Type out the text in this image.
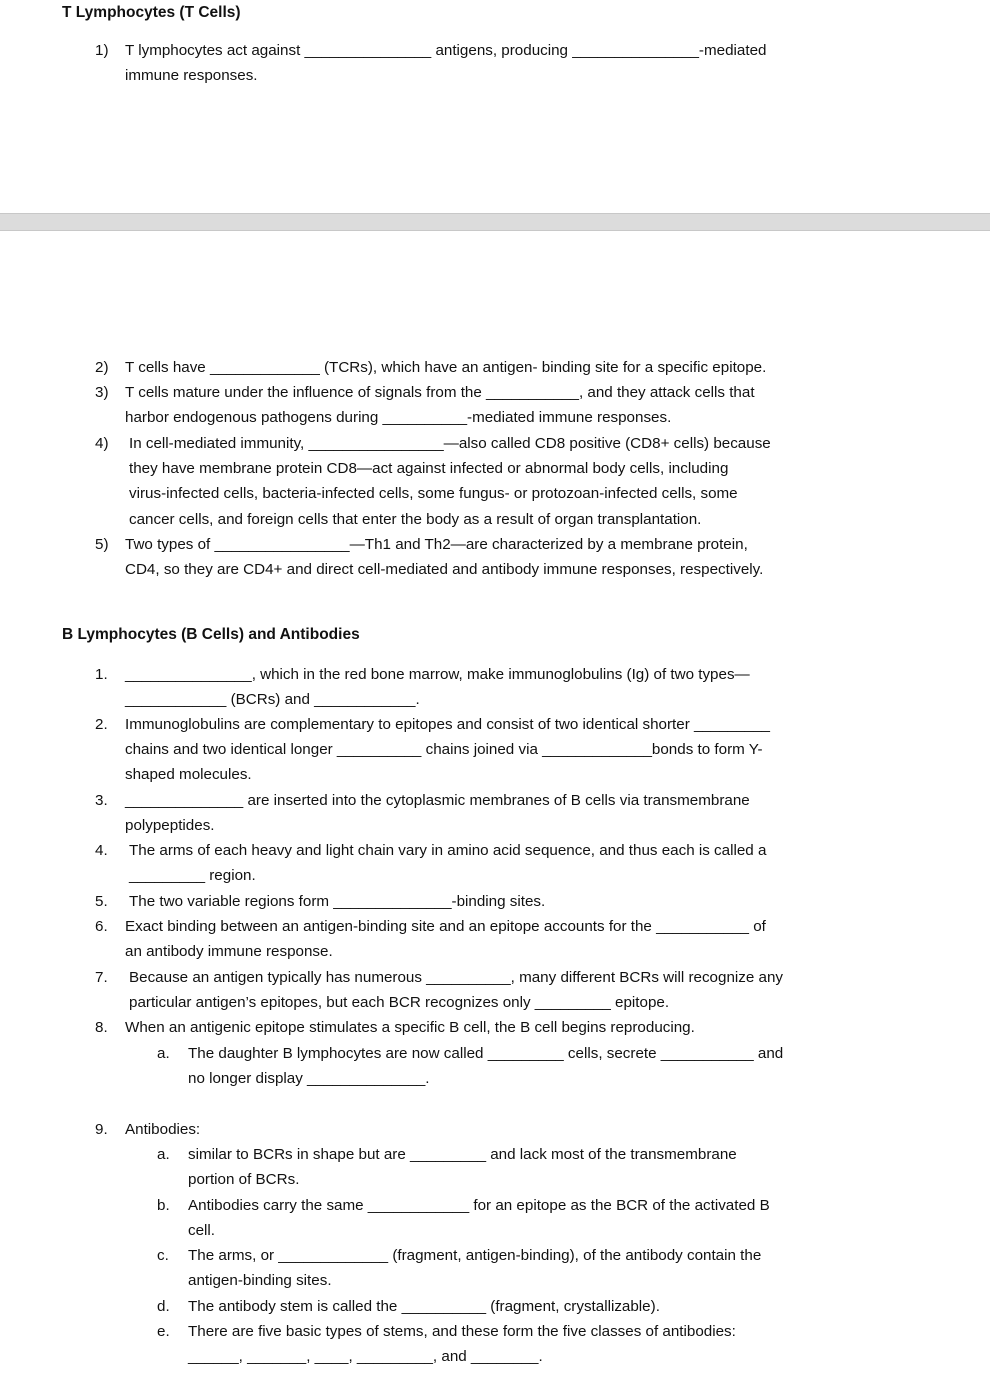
T Lymphocytes (T Cells)
1)	T lymphocytes act against _______________ antigens, producing _______________-mediated
immune responses.
2)	T cells have _____________ (TCRs), which have an antigen- binding site for a specific epitope.
3)	T cells mature under the influence of signals from the ___________, and they attack cells that
harbor endogenous pathogens during __________-mediated immune responses.
4)	In cell-mediated immunity, ________________—also called CD8 positive (CD8+ cells) because
they have membrane protein CD8—act against infected or abnormal body cells, including
virus-infected cells, bacteria-infected cells, some fungus- or protozoan-infected cells, some
cancer cells, and foreign cells that enter the body as a result of organ transplantation.
5)	Two types of ________________—Th1 and Th2—are characterized by a membrane protein,
CD4, so they are CD4+ and direct cell-mediated and antibody immune responses, respectively.
1.	_______________, which in the red bone marrow, make immunoglobulins (Ig) of two types—
____________ (BCRs) and ____________.
2.	Immunoglobulins are complementary to epitopes and consist of two identical shorter _________
chains and two identical longer __________ chains joined via _____________bonds to form Y-
shaped molecules.
3.	______________ are inserted into the cytoplasmic membranes of B cells via transmembrane
polypeptides.
4.	The arms of each heavy and light chain vary in amino acid sequence, and thus each is called a
_________ region.
5.	The two variable regions form ______________-binding sites.
6.	Exact binding between an antigen-binding site and an epitope accounts for the ___________ of
an antibody immune response.
7.	Because an antigen typically has numerous __________, many different BCRs will recognize any
particular antigen’s epitopes, but each BCR recognizes only _________ epitope.
8.	When an antigenic epitope stimulates a specific B cell, the B cell begins reproducing.
a.	The daughter B lymphocytes are now called _________ cells, secrete ___________ and
no longer display ______________.
9.	Antibodies:
a.	similar to BCRs in shape but are _________ and lack most of the transmembrane
portion of BCRs.
b.	Antibodies carry the same ____________ for an epitope as the BCR of the activated B
cell.
c.	The arms, or _____________ (fragment, antigen-binding), of the antibody contain the
antigen-binding sites.
d.	The antibody stem is called the __________ (fragment, crystallizable).
e.	There are five basic types of stems, and these form the five classes of antibodies:
______, _______, ____, _________, and ________.
B Lymphocytes (B Cells) and Antibodies
